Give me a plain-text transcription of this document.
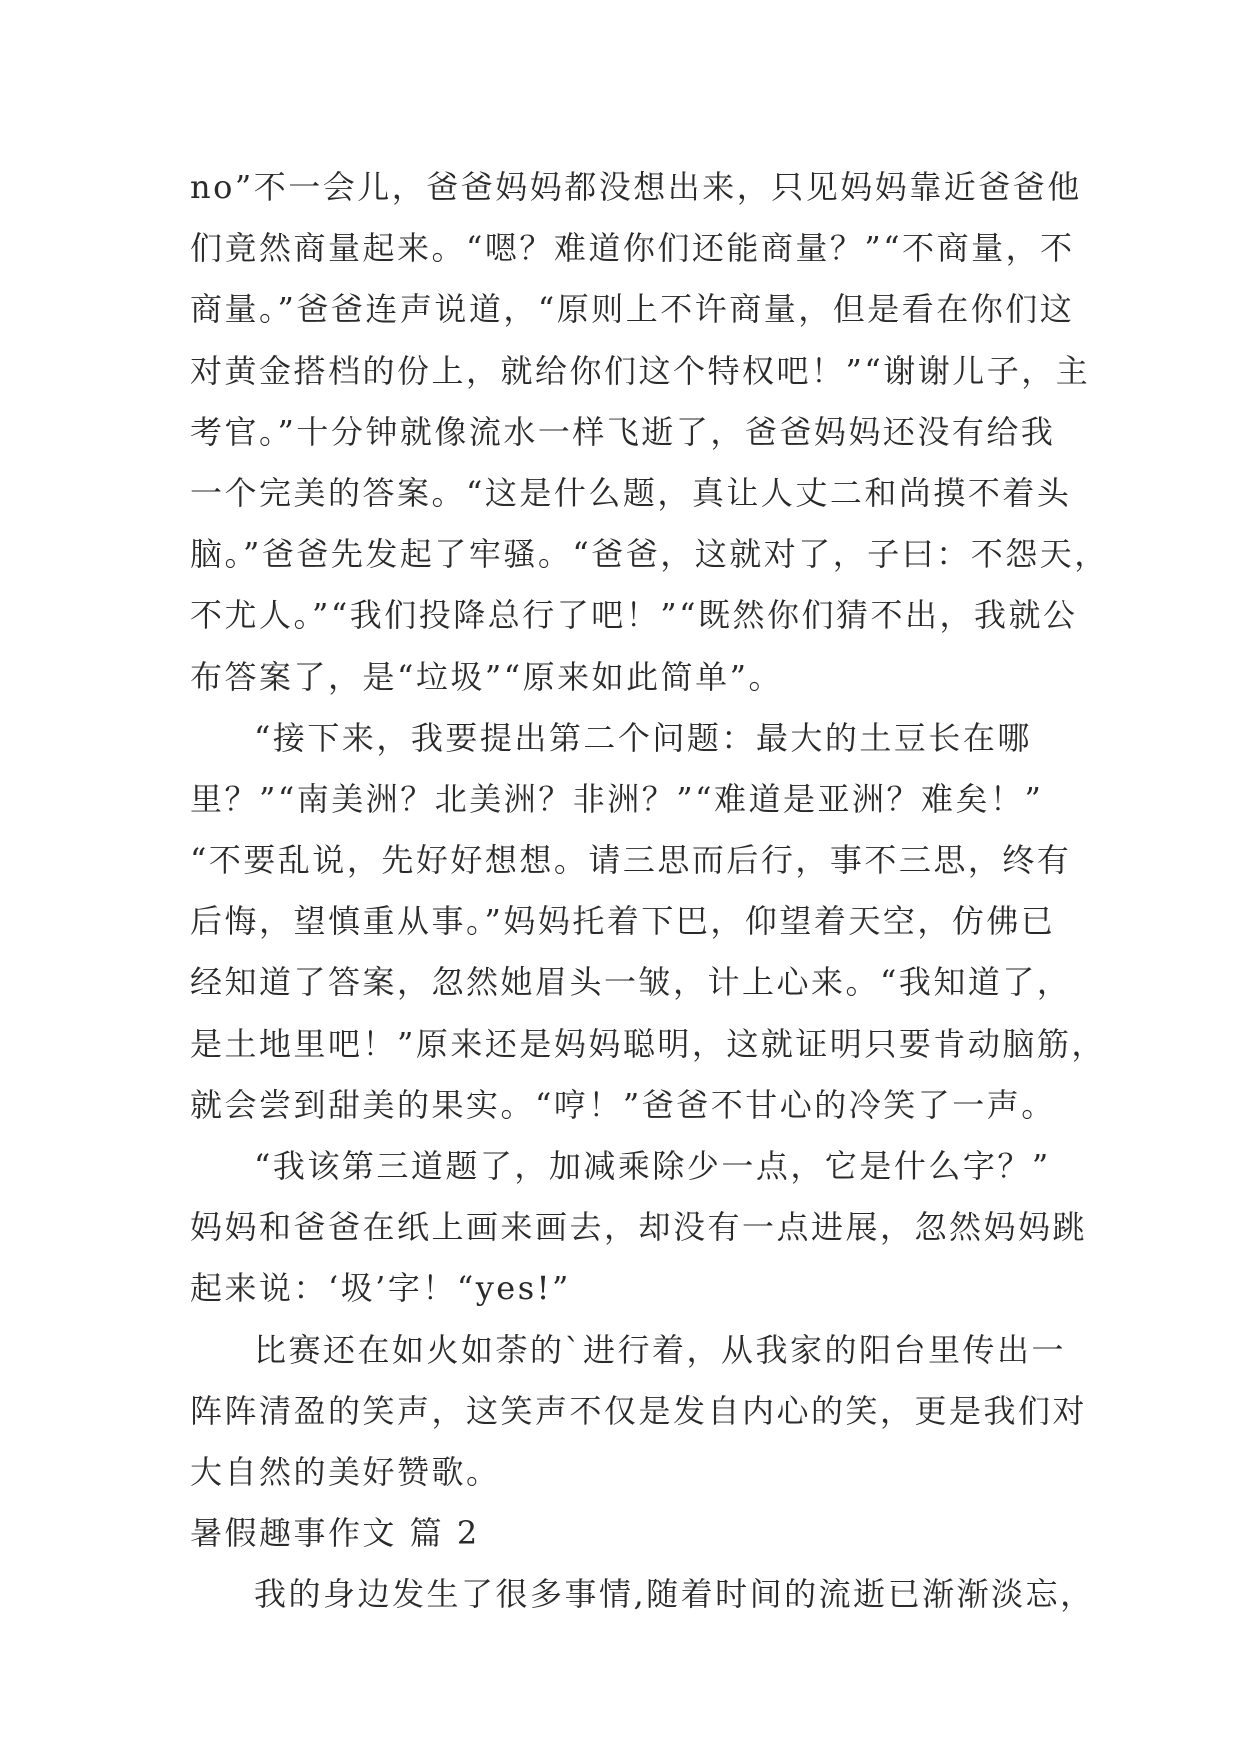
no”不一会儿，爸爸妈妈都没想出来，只见妈妈靠近爸爸他
们竟然商量起来。“嗯？难道你们还能商量？”“不商量，不
商量。”爸爸连声说道，“原则上不许商量，但是看在你们这
对黄金搭档的份上，就给你们这个特权吧！”“谢谢儿子，主
考官。”十分钟就像流水一样飞逝了，爸爸妈妈还没有给我
一个完美的答案。“这是什么题，真让人丈二和尚摸不着头
脑。”爸爸先发起了牢骚。“爸爸，这就对了，子曰：不怨天，
不尤人。”“我们投降总行了吧！”“既然你们猜不出，我就公
布答案了，是“垃圾”“原来如此简单”。
“接下来，我要提出第二个问题：最大的土豆长在哪
里？”“南美洲？北美洲？非洲？”“难道是亚洲？难矣！”
“不要乱说，先好好想想。请三思而后行，事不三思，终有
后悔，望慎重从事。”妈妈托着下巴，仰望着天空，仿佛已
经知道了答案，忽然她眉头一皱，计上心来。“我知道了，
是土地里吧！”原来还是妈妈聪明，这就证明只要肯动脑筋，
就会尝到甜美的果实。“哼！”爸爸不甘心的冷笑了一声。
“我该第三道题了，加减乘除少一点，它是什么字？”
妈妈和爸爸在纸上画来画去，却没有一点进展，忽然妈妈跳
起来说：‘圾’字！“yes!”
比赛还在如火如荼的`进行着，从我家的阳台里传出一
阵阵清盈的笑声，这笑声不仅是发自内心的笑，更是我们对
大自然的美好赞歌。
暑假趣事作文 篇 2
我的身边发生了很多事情,随着时间的流逝已渐渐淡忘，
